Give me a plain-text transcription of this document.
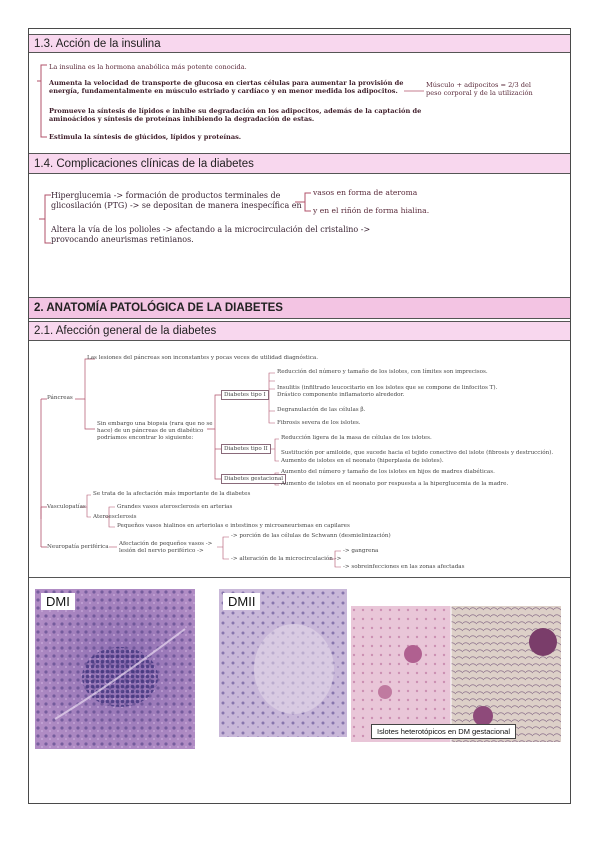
1.3. Acción de la insulina
La insulina es la hormona anabólica más potente conocida.
Aumenta la velocidad de transporte de glucosa en ciertas células para aumentar la provisión de
energía, fundamentalmente en músculo estriado y cardíaco y en menor medida los adipocitos.
Músculo + adipocitos = 2/3 del
peso corporal y de la utilización
Promueve la síntesis de lípidos e inhibe su degradación en los adipocitos, además de la captación de
aminoácidos y síntesis de proteínas inhibiendo la degradación de estas.
Estimula la síntesis de glúcidos, lípidos y proteínas.
1.4. Complicaciones clínicas de la diabetes
Hiperglucemia -> formación de productos terminales de
glicosilación (PTG) -> se depositan de manera inespecífica en
vasos en forma de ateroma
y en el riñón de forma hialina.
Altera la vía de los polioles -> afectando a la microcirculación del cristalino ->
provocando aneurismas retinianos.
2. ANATOMÍA PATOLÓGICA DE LA DIABETES
2.1. Afección general de la diabetes
Las lesiones del páncreas son inconstantes y pocas veces de utilidad diagnóstica.
Páncreas
Sin embargo una biopsia (rara que no se
hace) de un páncreas de un diabético
podríamos encontrar lo siguiente:
Diabetes tipo I
Diabetes tipo II
Diabetes gestacional
Reducción del número y tamaño de los islotes, con límites son imprecisos.
Insulitis (infiltrado leucocitario en los islotes que se compone de linfocitos T).
Drástico componente inflamatorio alrededor.
Degranulación de las células β.
Fibrosis severa de los islotes.
Reducción ligera de la masa de células de los islotes.
Sustitución por amiloide, que sucede hacia el tejido conectivo del islote (fibrosis y destrucción).
Aumento de islotes en el neonato (hiperplasia de islotes).
Aumento del número y tamaño de los islotes en hijos de madres diabéticas.
Aumento de islotes en el neonato por respuesta a la hiperglucemia de la madre.
Vasculopatías
Se trata de la afectación más importante de la diabetes
Ateroesclerosis
Grandes vasos aterosclerosis en arterias
Pequeños vasos hialinos en arteriolas e intestinos y microaneurismas en capilares
Neuropatía periférica Afectación de pequeños vasos ->
lesión del nervio periférico ->
-> porción de las células de Schwann (desmielinización)
-> alteración de la microcirculación ->
-> gangrena
-> sobreinfecciones en las zonas afectadas
DMI	DMII
Islotes heterotópicos en DM gestacional
